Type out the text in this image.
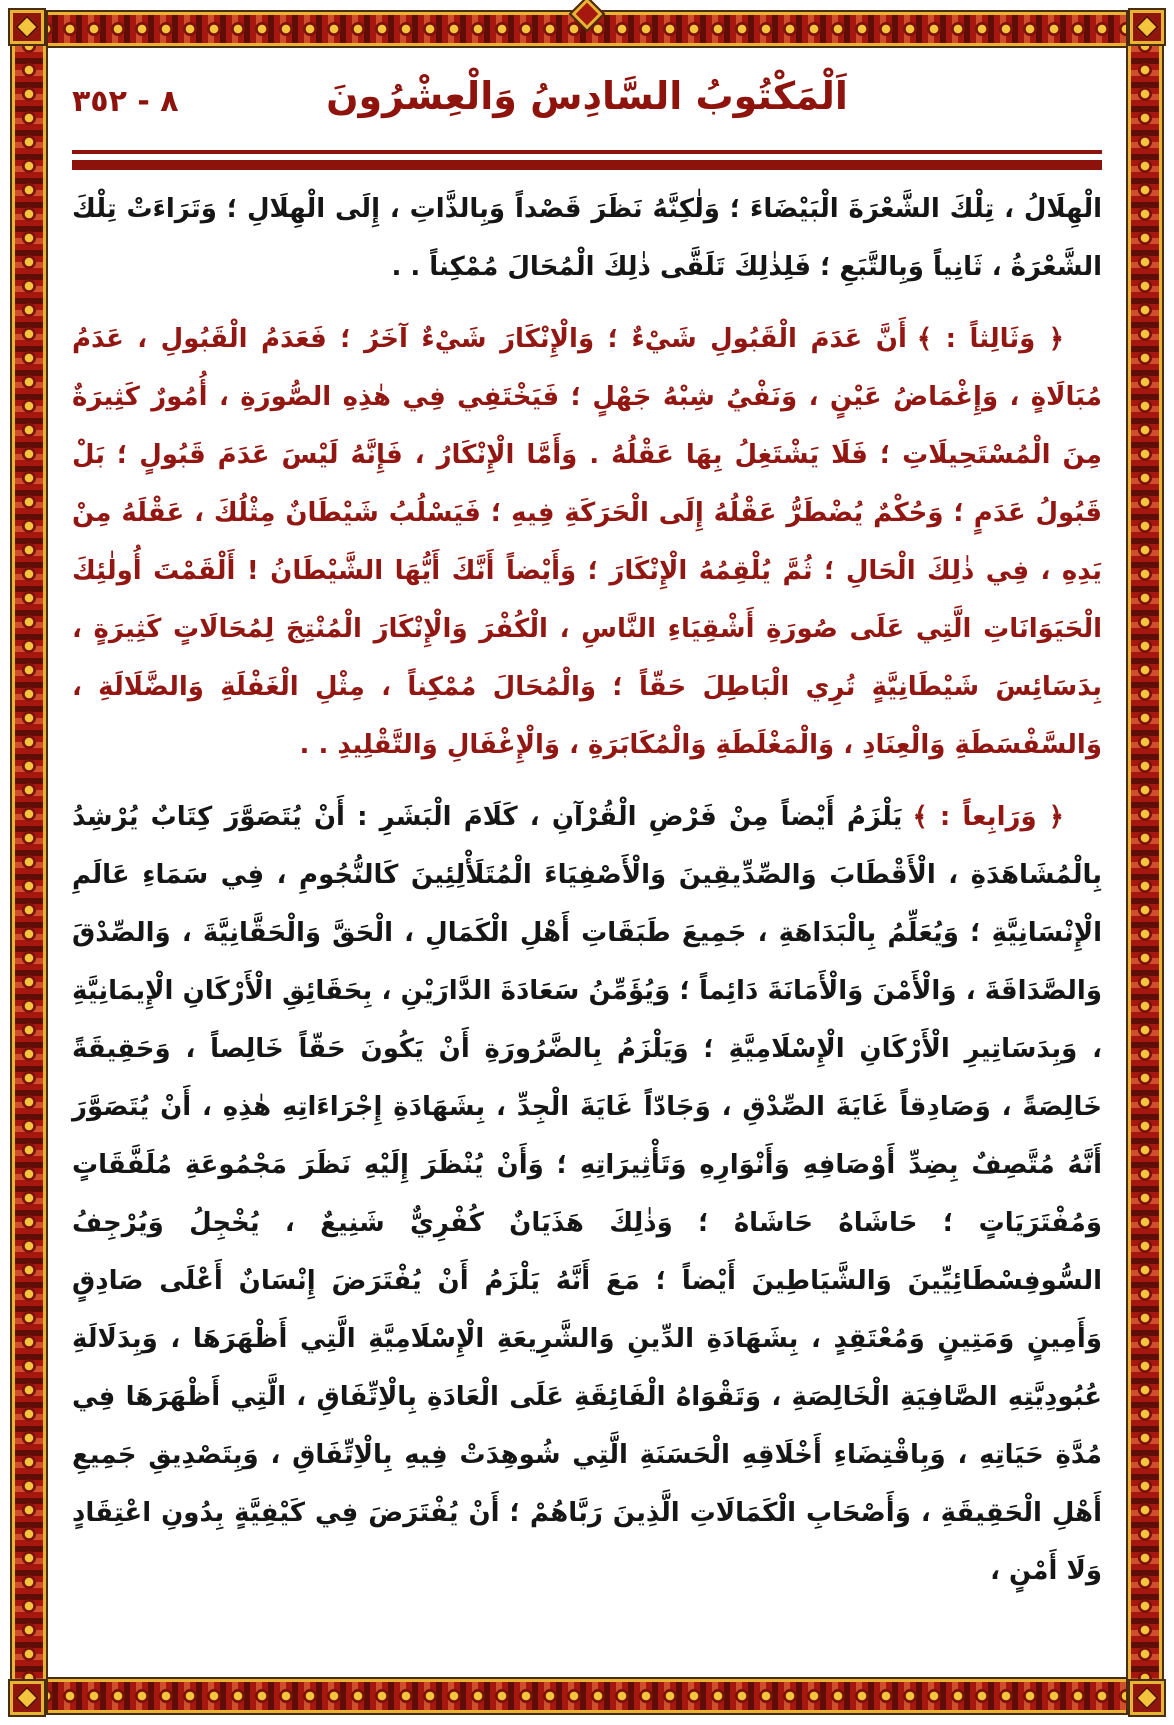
٨ - ٣٥٢	اَلْمَكْتُوبُ السَّادِسُ وَالْعِشْرُونَ

الْهِلَالُ ، تِلْكَ الشَّعْرَةَ الْبَيْضَاءَ ؛ وَلٰكِنَّهُ نَظَرَ قَصْداً وَبِالذَّاتِ ، إِلَى الْهِلَالِ ؛ وَتَرَاءَتْ تِلْكَ الشَّعْرَةُ ، ثَانِياً وَبِالتَّبَعِ ؛ فَلِذٰلِكَ تَلَقَّى ذٰلِكَ الْمُحَالَ مُمْكِناً . .

﴿ وَثَالِثاً : ﴾أَنَّ عَدَمَ الْقَبُولِ شَيْءٌ ؛ وَالْإِنْكَارَ شَيْءٌ آخَرُ ؛ فَعَدَمُ الْقَبُولِ ، عَدَمُ مُبَالَاةٍ ، وَإِغْمَاضُ عَيْنٍ ، وَنَفْيُ شِبْهُ جَهْلٍ ؛ فَيَخْتَفِي فِي هٰذِهِ الصُّورَةِ ، أُمُورٌ كَثِيرَةٌ مِنَ الْمُسْتَحِيلَاتِ ؛ فَلَا يَشْتَغِلُ بِهَا عَقْلُهُ . وَأَمَّا الْإِنْكَارُ ، فَإِنَّهُ لَيْسَ عَدَمَ قَبُولٍ ؛ بَلْ قَبُولُ عَدَمٍ ؛ وَحُكْمٌ يُضْطَرُّ عَقْلُهُ إِلَى الْحَرَكَةِ فِيهِ ؛ فَيَسْلُبُ شَيْطَانٌ مِثْلُكَ ، عَقْلَهُ مِنْ يَدِهِ ، فِي ذٰلِكَ الْحَالِ ؛ ثُمَّ يُلْقِمُهُ الْإِنْكَارَ ؛ وَأَيْضاً أَنَّكَ أَيُّهَا الشَّيْطَانُ ! أَلْقَمْتَ أُولٰئِكَ الْحَيَوَانَاتِ الَّتِي عَلَى صُورَةِ أَشْقِيَاءِ النَّاسِ ، الْكُفْرَ وَالْإِنْكَارَ الْمُنْتِجَ لِمُحَالَاتٍ كَثِيرَةٍ ، بِدَسَائِسَ شَيْطَانِيَّةٍ تُرِي الْبَاطِلَ حَقّاً ؛ وَالْمُحَالَ مُمْكِناً ، مِثْلِ الْغَفْلَةِ وَالضَّلَالَةِ ، وَالسَّفْسَطَةِ وَالْعِنَادِ ، وَالْمَغْلَطَةِ وَالْمُكَابَرَةِ ، وَالْإِغْفَالِ وَالتَّقْلِيدِ . .

﴿ وَرَابِعاً : ﴾يَلْزَمُ أَيْضاً مِنْ فَرْضِ الْقُرْآنِ ، كَلَامَ الْبَشَرِ : أَنْ يُتَصَوَّرَ كِتَابٌ يُرْشِدُ بِالْمُشَاهَدَةِ ، الْأَقْطَابَ وَالصِّدِّيقِينَ وَالْأَصْفِيَاءَ الْمُتَلَأْلِئِينَ كَالنُّجُومِ ، فِي سَمَاءِ عَالَمِ الْإِنْسَانِيَّةِ ؛ وَيُعَلِّمُ بِالْبَدَاهَةِ ، جَمِيعَ طَبَقَاتِ أَهْلِ الْكَمَالِ ، الْحَقَّ وَالْحَقَّانِيَّةَ ، وَالصِّدْقَ وَالصَّدَاقَةَ ، وَالْأَمْنَ وَالْأَمَانَةَ دَائِماً ؛ وَيُؤَمِّنُ سَعَادَةَ الدَّارَيْنِ ، بِحَقَائِقِ الْأَرْكَانِ الْإِيمَانِيَّةِ ، وَبِدَسَاتِيرِ الْأَرْكَانِ الْإِسْلَامِيَّةِ ؛ وَيَلْزَمُ بِالضَّرُورَةِ أَنْ يَكُونَ حَقّاً خَالِصاً ، وَحَقِيقَةً خَالِصَةً ، وَصَادِقاً غَايَةَ الصِّدْقِ ، وَجَادّاً غَايَةَ الْجِدِّ ، بِشَهَادَةِ إِجْرَاءَاتِهِ هٰذِهِ ، أَنْ يُتَصَوَّرَ أَنَّهُ مُتَّصِفٌ بِضِدِّ أَوْصَافِهِ وَأَنْوَارِهِ وَتَأْثِيرَاتِهِ ؛ وَأَنْ يُنْظَرَ إِلَيْهِ نَظَرَ مَجْمُوعَةِ مُلَفَّقَاتٍ وَمُفْتَرَيَاتٍ ؛ حَاشَاهُ حَاشَاهُ ؛ وَذٰلِكَ هَذَيَانٌ كُفْرِيٌّ شَنِيعٌ ، يُخْجِلُ وَيُرْجِفُ السُّوفِسْطَائِيِّينَ وَالشَّيَاطِينَ أَيْضاً ؛ مَعَ أَنَّهُ يَلْزَمُ أَنْ يُفْتَرَضَ إِنْسَانٌ أَعْلَى صَادِقٍ وَأَمِينٍ وَمَتِينٍ وَمُعْتَقِدٍ ، بِشَهَادَةِ الدِّينِ وَالشَّرِيعَةِ الْإِسْلَامِيَّةِ الَّتِي أَظْهَرَهَا ، وَبِدَلَالَةِ عُبُودِيَّتِهِ الصَّافِيَةِ الْخَالِصَةِ ، وَتَقْوَاهُ الْفَائِقَةِ عَلَى الْعَادَةِ بِالْاِتِّفَاقِ ، الَّتِي أَظْهَرَهَا فِي مُدَّةِ حَيَاتِهِ ، وَبِاقْتِضَاءِ أَخْلَاقِهِ الْحَسَنَةِ الَّتِي شُوهِدَتْ فِيهِ بِالْاِتِّفَاقِ ، وَبِتَصْدِيقِ جَمِيعِ أَهْلِ الْحَقِيقَةِ ، وَأَصْحَابِ الْكَمَالَاتِ الَّذِينَ رَبَّاهُمْ ؛ أَنْ يُفْتَرَضَ فِي كَيْفِيَّةٍ بِدُونِ اعْتِقَادٍ وَلَا أَمْنٍ ،
